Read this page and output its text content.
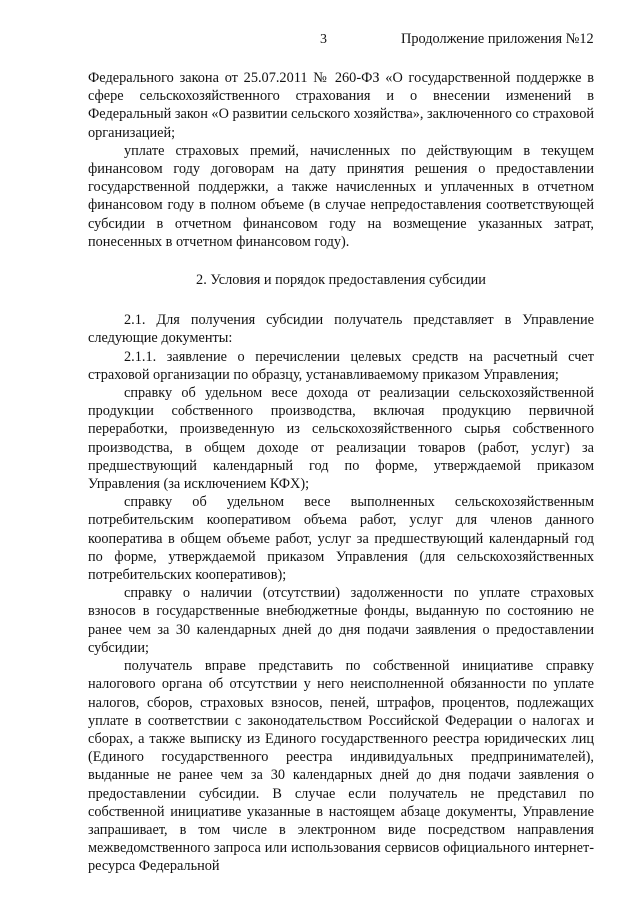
3	Продолжение приложения №12

Федерального закона от 25.07.2011 № 260-ФЗ «О государственной поддержке в сфере сельскохозяйственного страхования и о внесении изменений в Федеральный закон «О развитии сельского хозяйства», заключенного со страховой организацией;

уплате страховых премий, начисленных по действующим в текущем финансовом году договорам на дату принятия решения о предоставлении государственной поддержки, а также начисленных и уплаченных в отчетном финансовом году в полном объеме (в случае непредоставления соответствующей субсидии в отчетном финансовом году на возмещение указанных затрат, понесенных в отчетном финансовом году).

2. Условия и порядок предоставления субсидии

2.1. Для получения субсидии получатель представляет в Управление следующие документы:

2.1.1. заявление о перечислении целевых средств на расчетный счет страховой организации по образцу, устанавливаемому приказом Управления;

справку об удельном весе дохода от реализации сельскохозяйственной продукции собственного производства, включая продукцию первичной переработки, произведенную из сельскохозяйственного сырья собственного производства, в общем доходе от реализации товаров (работ, услуг) за предшествующий календарный год по форме, утверждаемой приказом Управления (за исключением КФХ);

справку об удельном весе выполненных сельскохозяйственным потребительским кооперативом объема работ, услуг для членов данного кооператива в общем объеме работ, услуг за предшествующий календарный год по форме, утверждаемой приказом Управления (для сельскохозяйственных потребительских кооперативов);

справку о наличии (отсутствии) задолженности по уплате страховых взносов в государственные внебюджетные фонды, выданную по состоянию не ранее чем за 30 календарных дней до дня подачи заявления о предоставлении субсидии;

получатель вправе представить по собственной инициативе справку налогового органа об отсутствии у него неисполненной обязанности по уплате налогов, сборов, страховых взносов, пеней, штрафов, процентов, подлежащих уплате в соответствии с законодательством Российской Федерации о налогах и сборах, а также выписку из Единого государственного реестра юридических лиц (Единого государственного реестра индивидуальных предпринимателей), выданные не ранее чем за 30 календарных дней до дня подачи заявления о предоставлении субсидии. В случае если получатель не представил по собственной инициативе указанные в настоящем абзаце документы, Управление запрашивает, в том числе в электронном виде посредством направления межведомственного запроса или использования сервисов официального интернет-ресурса Федеральной
